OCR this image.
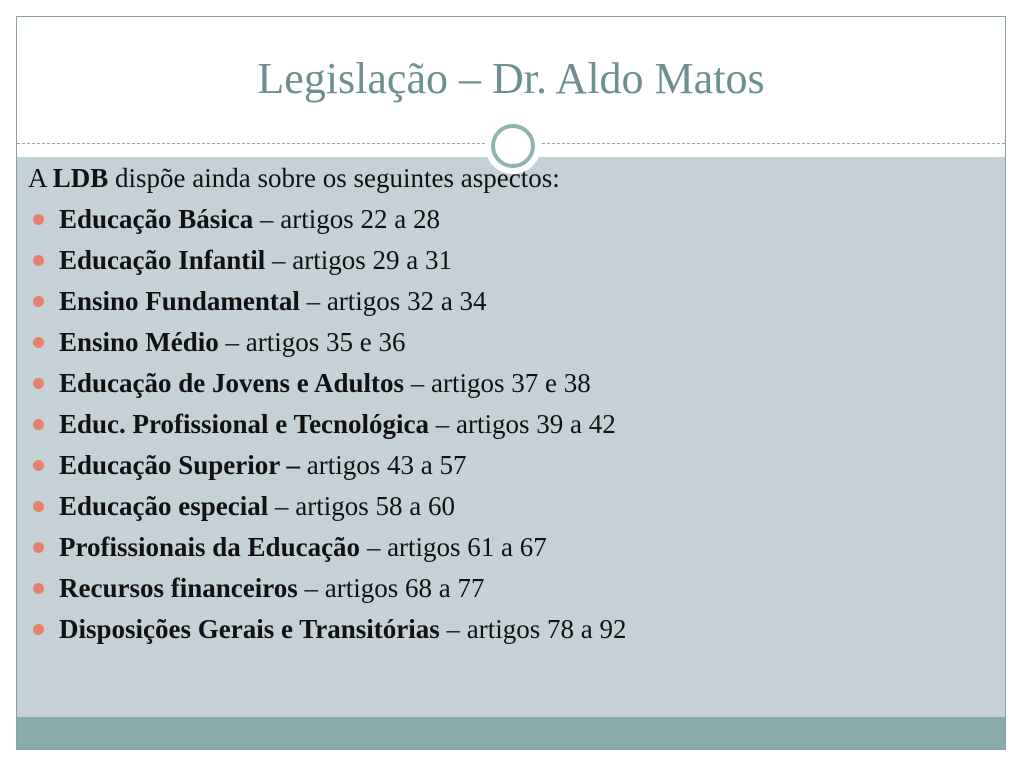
Legislação – Dr. Aldo Matos
A LDB dispõe ainda sobre os seguintes aspectos:
Educação Básica – artigos 22 a 28
Educação Infantil – artigos 29 a 31
Ensino Fundamental – artigos 32 a 34
Ensino Médio – artigos 35 e 36
Educação de Jovens e Adultos – artigos 37 e 38
Educ. Profissional e Tecnológica – artigos 39 a 42
Educação Superior – artigos 43 a 57
Educação especial – artigos 58 a 60
Profissionais da Educação – artigos 61 a 67
Recursos financeiros – artigos 68 a 77
Disposições Gerais e Transitórias – artigos 78 a 92
